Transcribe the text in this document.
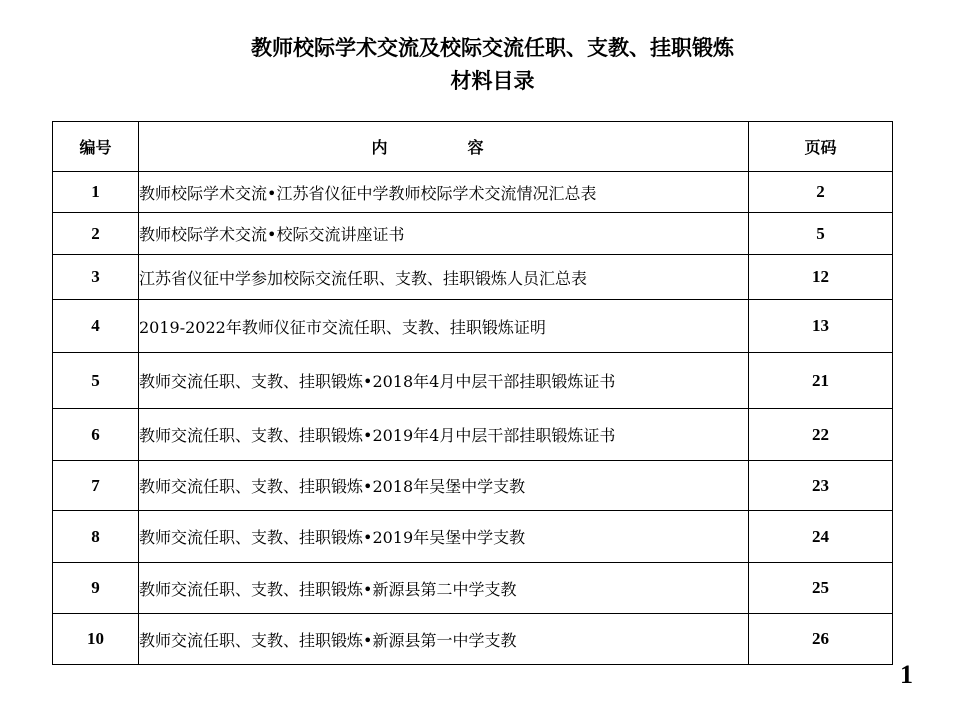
教师校际学术交流及校际交流任职、支教、挂职锻炼
材料目录
编号	内　容	页码
1	教师校际学术交流•江苏省仪征中学教师校际学术交流情况汇总表	2
2	教师校际学术交流•校际交流讲座证书	5
3	江苏省仪征中学参加校际交流任职、支教、挂职锻炼人员汇总表	12
4	2019-2022年教师仪征市交流任职、支教、挂职锻炼证明	13
5	教师交流任职、支教、挂职锻炼•2018年4月中层干部挂职锻炼证书	21
6	教师交流任职、支教、挂职锻炼•2019年4月中层干部挂职锻炼证书	22
7	教师交流任职、支教、挂职锻炼•2018年吴堡中学支教	23
8	教师交流任职、支教、挂职锻炼•2019年吴堡中学支教	24
9	教师交流任职、支教、挂职锻炼•新源县第二中学支教	25
10	教师交流任职、支教、挂职锻炼•新源县第一中学支教	26
1
